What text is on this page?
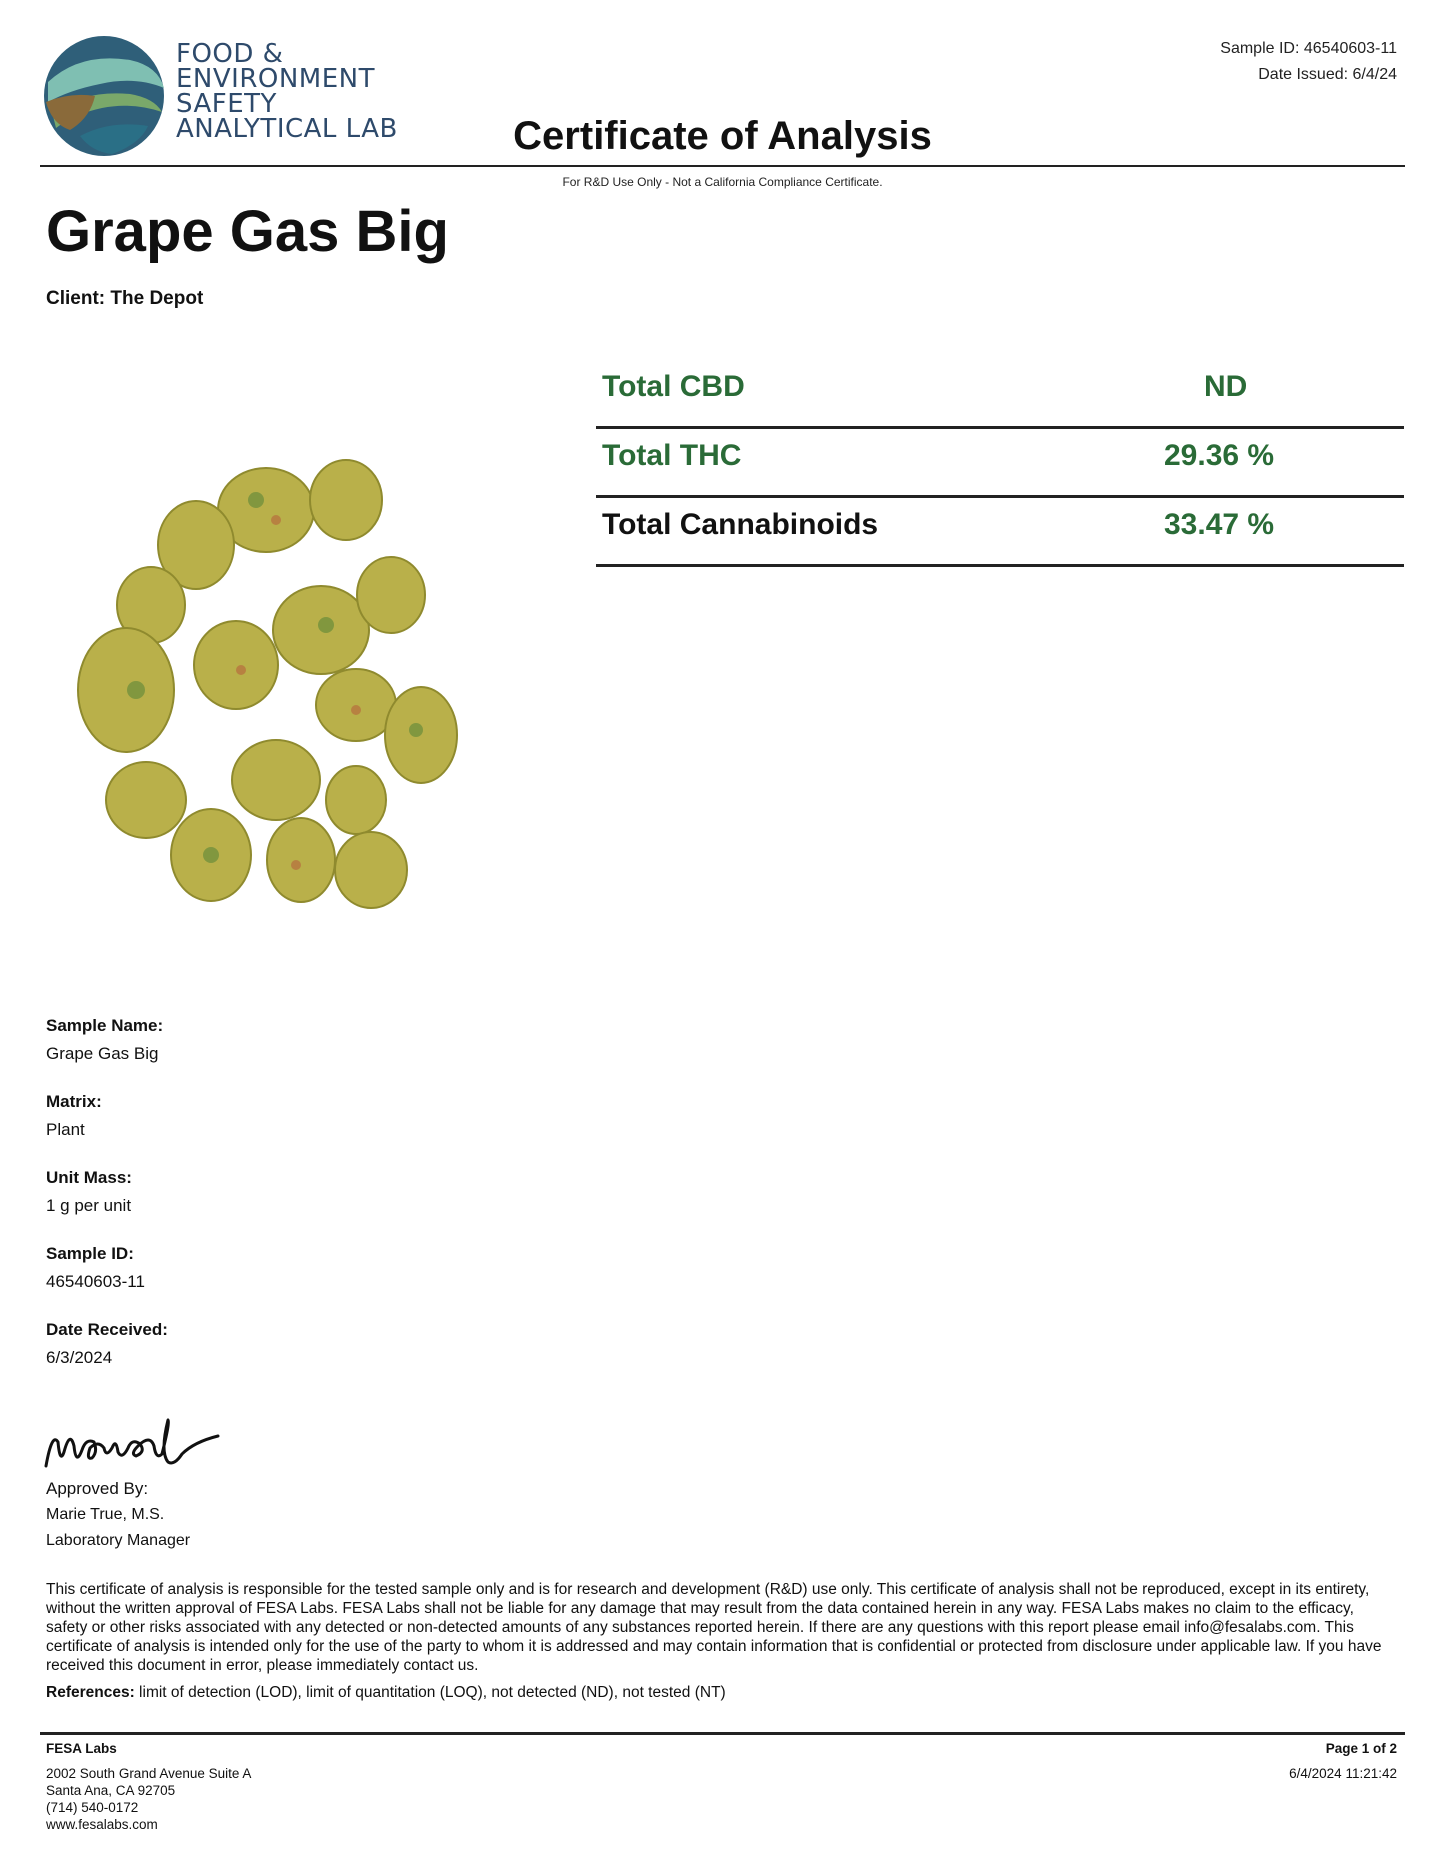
FOOD &
ENVIRONMENT
SAFETY
ANALYTICAL LAB
Sample ID: 46540603-11
Date Issued: 6/4/24
Certificate of Analysis
For R&D Use Only - Not a California Compliance Certificate.
Grape Gas Big
Client: The Depot
Total CBD	ND
Total THC	29.36 %
Total Cannabinoids	33.47 %
Sample Name:
Grape Gas Big
Matrix:
Plant
Unit Mass:
1 g per unit
Sample ID:
46540603-11
Date Received:
6/3/2024
Approved By:
Marie True, M.S.
Laboratory Manager
This certificate of analysis is responsible for the tested sample only and is for research and development (R&D) use only. This certificate of analysis shall not be reproduced, except in its entirety, without the written approval of FESA Labs. FESA Labs shall not be liable for any damage that may result from the data contained herein in any way. FESA Labs makes no claim to the efficacy, safety or other risks associated with any detected or non-detected amounts of any substances reported herein. If there are any questions with this report please email info@fesalabs.com. This certificate of analysis is intended only for the use of the party to whom it is addressed and may contain information that is confidential or protected from disclosure under applicable law. If you have received this document in error, please immediately contact us.
References: limit of detection (LOD), limit of quantitation (LOQ), not detected (ND), not tested (NT)
FESA Labs
2002 South Grand Avenue Suite A
Santa Ana, CA 92705
(714) 540-0172
www.fesalabs.com
Page 1 of 2
6/4/2024 11:21:42
